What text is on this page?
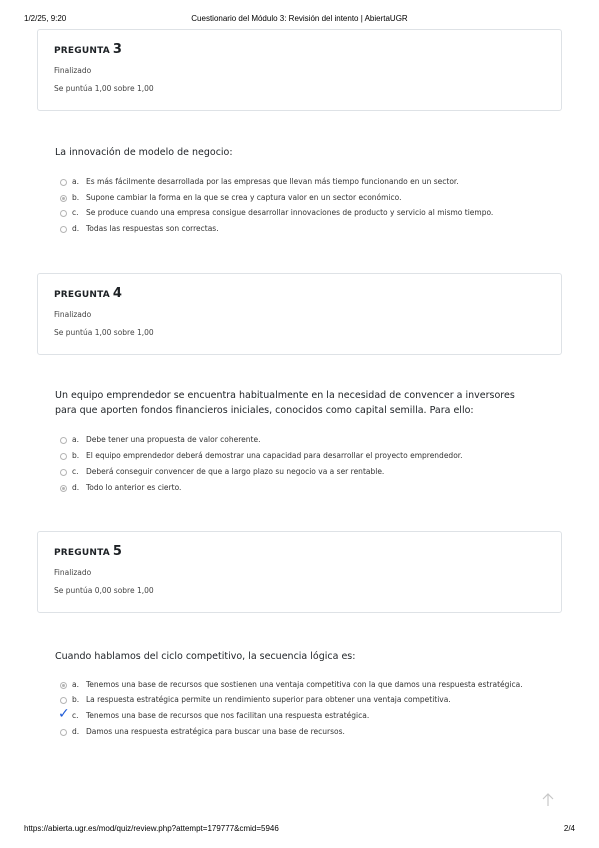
1/2/25, 9:20	Cuestionario del Módulo 3: Revisión del intento | AbiertaUGR
PREGUNTA 3
Finalizado
Se puntúa 1,00 sobre 1,00
La innovación de modelo de negocio:
a. Es más fácilmente desarrollada por las empresas que llevan más tiempo funcionando en un sector.
b. Supone cambiar la forma en la que se crea y captura valor en un sector económico.
c. Se produce cuando una empresa consigue desarrollar innovaciones de producto y servicio al mismo tiempo.
d. Todas las respuestas son correctas.
PREGUNTA 4
Finalizado
Se puntúa 1,00 sobre 1,00
Un equipo emprendedor se encuentra habitualmente en la necesidad de convencer a inversores para que aporten fondos financieros iniciales, conocidos como capital semilla. Para ello:
a. Debe tener una propuesta de valor coherente.
b. El equipo emprendedor deberá demostrar una capacidad para desarrollar el proyecto emprendedor.
c. Deberá conseguir convencer de que a largo plazo su negocio va a ser rentable.
d. Todo lo anterior es cierto.
PREGUNTA 5
Finalizado
Se puntúa 0,00 sobre 1,00
Cuando hablamos del ciclo competitivo, la secuencia lógica es:
a. Tenemos una base de recursos que sostienen una ventaja competitiva con la que damos una respuesta estratégica.
b. La respuesta estratégica permite un rendimiento superior para obtener una ventaja competitiva.
✓ c. Tenemos una base de recursos que nos facilitan una respuesta estratégica.
d. Damos una respuesta estratégica para buscar una base de recursos.
https://abierta.ugr.es/mod/quiz/review.php?attempt=179777&cmid=5946	2/4
